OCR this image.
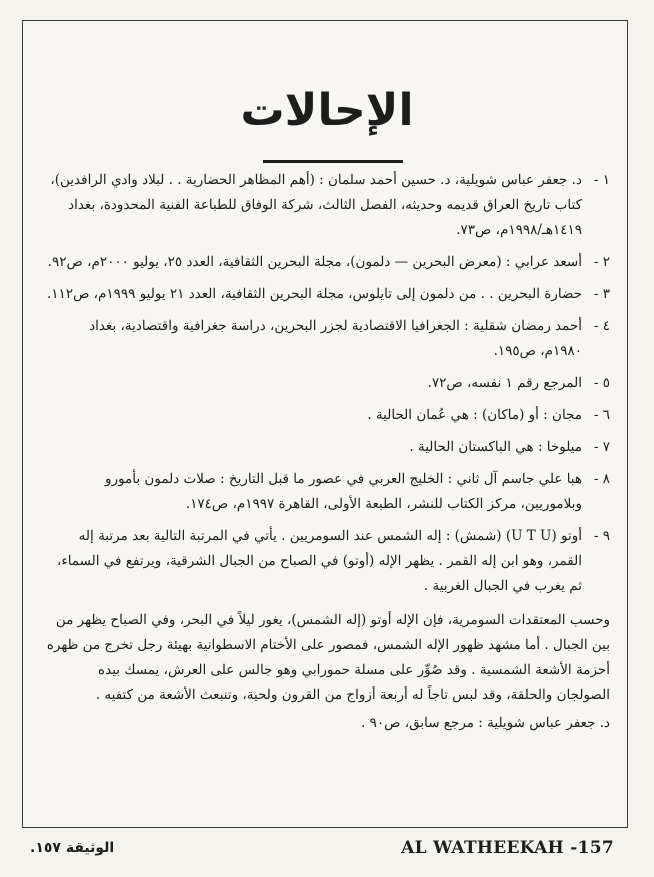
الإحالات
١ -
د. جعفر عباس شويلية، د. حسين أحمد سلمان : (أهم المظاهر الحضارية . . لبلاد وادي الرافدين)، كتاب تاريخ العراق قديمه وحديثه، الفصل الثالث، شركة الوفاق للطباعة الفنية المحدودة، بغداد ١٤١٩هـ/١٩٩٨م، ص٧٣.
٢ -
أسعد عرابي : (معرض البحرين — دلمون)، مجلة البحرين الثقافية، العدد ٢٥، يوليو ٢٠٠٠م، ص٩٢.
٣ -
حضارة البحرين . . من دلمون إلى تايلوس، مجلة البحرين الثقافية، العدد ٢١ يوليو ١٩٩٩م، ص١١٢.
٤ -
أحمد رمضان شقلية : الجغرافيا الاقتصادية لجزر البحرين، دراسة جغرافية واقتصادية، بغداد ١٩٨٠م، ص١٩٥.
٥ -
المرجع رقم ١ نفسه، ص٧٢.
٦ -
مجان : أو (ماكان) : هي عُمان الحالية .
٧ -
ميلوخا : هي الباكستان الحالية .
٨ -
هبا علي جاسم آل ثاني : الخليج العربي في عصور ما قبل التاريخ : صلات دلمون بأمورو وبلاموريين، مركز الكتاب للنشر، الطبعة الأولى، القاهرة ١٩٩٧م، ص١٧٤.
٩ -
أوتو (U T U) (شمش) : إله الشمس عند السومريين . يأتي في المرتبة التالية بعد مرتبة إله القمر، وهو ابن إله القمر . يظهر الإله (أوتو) في الصباح من الجبال الشرقية، ويرتفع في السماء، ثم يغرب في الجبال الغربية .
وحسب المعتقدات السومرية، فإن الإله أوتو (إله الشمس)، يغور ليلاً في البحر، وفي الصباح يظهر من بين الجبال . أما مشهد ظهور الإله الشمس، فمصور على الأختام الاسطوانية بهيئة رجل تخرج من ظهره أحزمة الأشعة الشمسية . وقد صُوِّر على مسلة حمورابي وهو جالس على العرش، يمسك بيده الصولجان والحلقة، وقد لبس تاجاً له أربعة أزواج من القرون ولحية، وتنبعث الأشعة من كتفيه .
د. جعفر عباس شويلية : مرجع سابق، ص٩٠ .
الوثيقة ١٥٧.	AL WATHEEKAH -157
